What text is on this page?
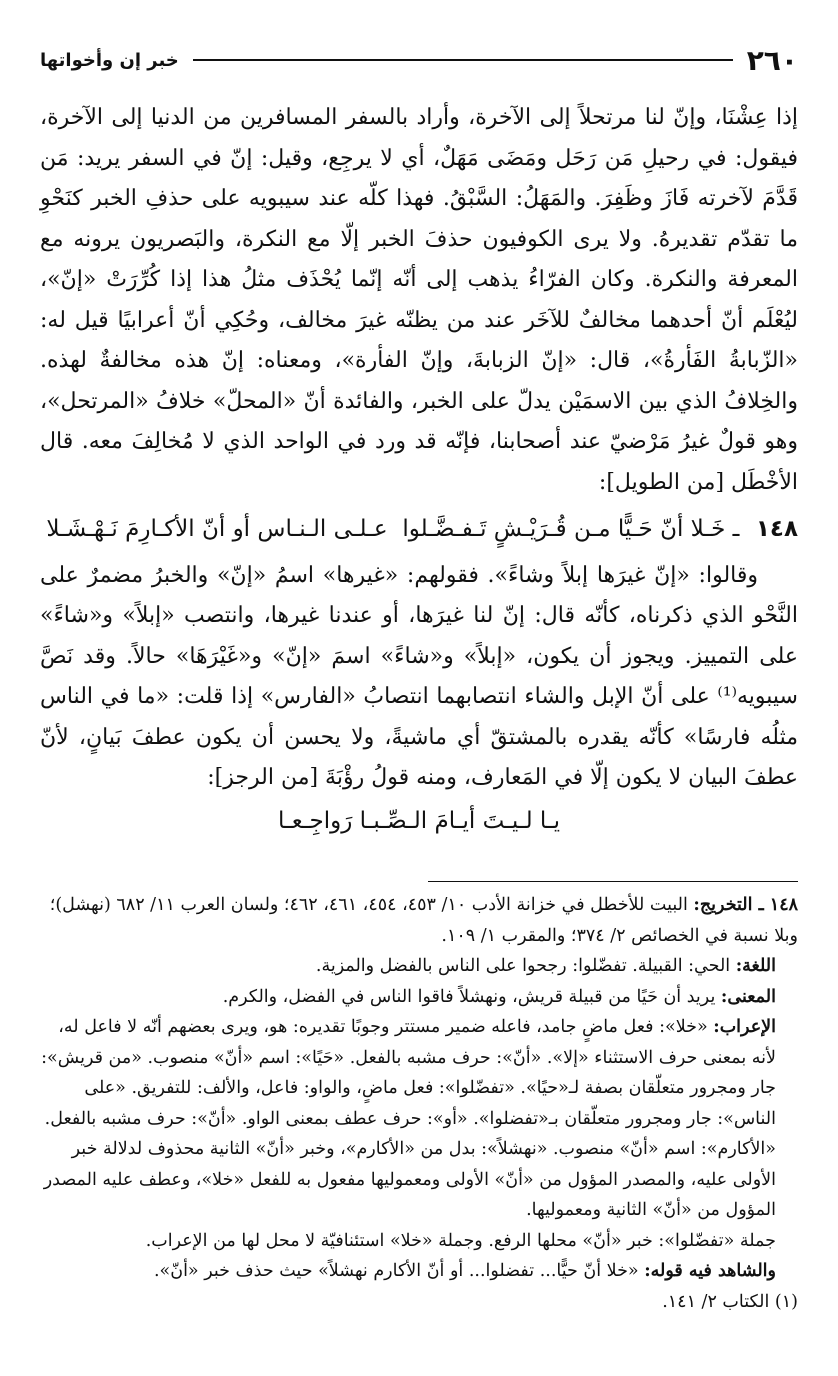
٢٦٠
خبر إن وأخواتها

إذا عِشْنَا، وإنّ لنا مرتحلاً إلى الآخرة، وأراد بالسفر المسافرين من الدنيا إلى الآخرة، فيقول: في رحيلِ مَن رَحَل ومَضَى مَهَلٌ، أي لا يرجِع، وقيل: إنّ في السفر يريد: مَن قَدَّمَ لآخرته فَازَ وظَفِرَ. والمَهَلُ: السَّبْقُ. فهذا كلّه عند سيبويه على حذفِ الخبر كنَحْوِ ما تقدّم تقديرهُ. ولا يرى الكوفيون حذفَ الخبر إلّا مع النكرة، والبَصريون يرونه مع المعرفة والنكرة. وكان الفرّاءُ يذهب إلى أنّه إنّما يُحْذَف مثلُ هذا إذا كُرِّرَتْ «إنّ»، ليُعْلَم أنّ أحدهما مخالفٌ للآخَر عند من يظنّه غيرَ مخالف، وحُكِي أنّ أعرابيًا قيل له: «الزّبابةُ الفَأرةُ»، قال: «إنّ الزبابةَ، وإنّ الفأرة»، ومعناه: إنّ هذه مخالفةٌ لهذه. والخِلافُ الذي بين الاسمَيْن يدلّ على الخبر، والفائدة أنّ «المحلّ» خلافُ «المرتحل»، وهو قولٌ غيرُ مَرْضيّ عند أصحابنا، فإنّه قد ورد في الواحد الذي لا مُخالِفَ معه. قال الأخْطَل [من الطويل]:

١٤٨
ـ خَـلا أنّ حَـيًّا مـن قُـرَيْـشٍ تَـفـضَّـلوا
عـلـى الـنـاس أو أنّ الأكـارِمَ نَـهْـشَـلا

وقالوا: «إنّ غيرَها إبلاً وشاءً». فقولهم: «غيرها» اسمُ «إنّ» والخبرُ مضمرٌ على النَّحْو الذي ذكرناه، كأنّه قال: إنّ لنا غيرَها، أو عندنا غيرها، وانتصب «إبلاً» و«شاءً» على التمييز. ويجوز أن يكون، «إبلاً» و«شاءً» اسمَ «إنّ» و«غَيْرَهَا» حالاً. وقد نَصَّ سيبويه⁽¹⁾ على أنّ الإبل والشاء انتصابهما انتصابُ «الفارس» إذا قلت: «ما في الناس مثلُه فارسًا» كأنّه يقدره بالمشتقّ أي ماشيةً، ولا يحسن أن يكون عطفَ بَيانٍ، لأنّ عطفَ البيان لا يكون إلّا في المَعارف، ومنه قولُ رؤْبَةَ [من الرجز]:

يـا لـيـتَ أيـامَ الـصِّـبـا رَواجِـعـا

١٤٨ ـ التخريج: البيت للأخطل في خزانة الأدب ١٠/ ٤٥٣، ٤٥٤، ٤٦١، ٤٦٢؛ ولسان العرب ١١/ ٦٨٢ (نهشل)؛ وبلا نسبة في الخصائص ٢/ ٣٧٤؛ والمقرب ١/ ١٠٩.

اللغة: الحي: القبيلة. تفضّلوا: رجحوا على الناس بالفضل والمزية.

المعنى: يريد أن حَيًا من قبيلة قريش، ونهشلاً فاقوا الناس في الفضل، والكرم.

الإعراب: «خلا»: فعل ماضٍ جامد، فاعله ضمير مستتر وجوبًا تقديره: هو، ويرى بعضهم أنّه لا فاعل له، لأنه بمعنى حرف الاستثناء «إلا». «أنّ»: حرف مشبه بالفعل. «حَيًا»: اسم «أنّ» منصوب. «من قريش»: جار ومجرور متعلّقان بصفة لـ«حيًا». «تفضّلوا»: فعل ماضٍ، والواو: فاعل، والألف: للتفريق. «على الناس»: جار ومجرور متعلّقان بـ«تفضلوا». «أو»: حرف عطف بمعنى الواو. «أنّ»: حرف مشبه بالفعل. «الأكارم»: اسم «أنّ» منصوب. «نهشلاً»: بدل من «الأكارم»، وخبر «أنّ» الثانية محذوف لدلالة خبر الأولى عليه، والمصدر المؤول من «أنّ» الأولى ومعموليها مفعول به للفعل «خلا»، وعطف عليه المصدر المؤول من «أنّ» الثانية ومعموليها.

جملة «تفضّلوا»: خبر «أنّ» محلها الرفع. وجملة «خلا» استئنافيّة لا محل لها من الإعراب.

والشاهد فيه قوله: «خلا أنّ حيًّا... تفضلوا... أو أنّ الأكارم نهشلاً» حيث حذف خبر «أنّ».

(١) الكتاب ٢/ ١٤١.
